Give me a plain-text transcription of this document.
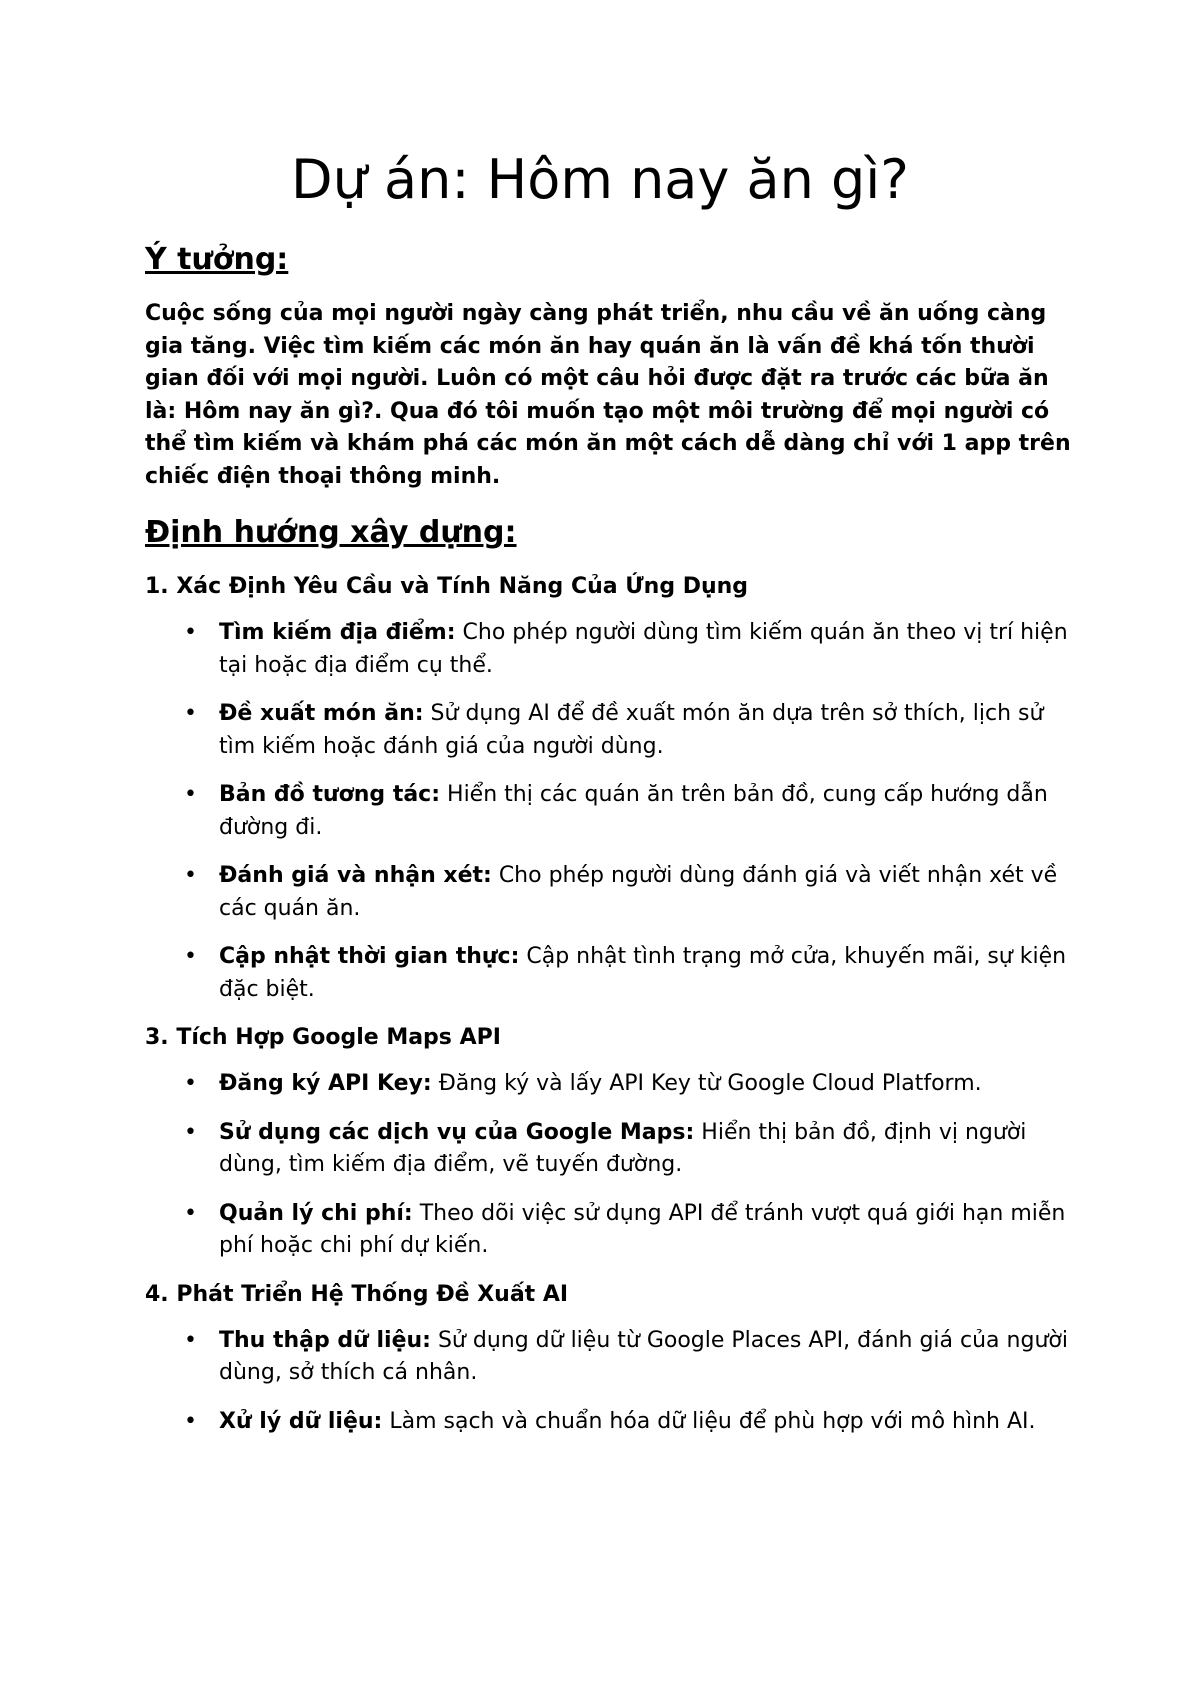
Dự án: Hôm nay ăn gì?
Ý tưởng:

Cuộc sống của mọi người ngày càng phát triển, nhu cầu về ăn uống càng gia tăng. Việc tìm kiếm các món ăn hay quán ăn là vấn đề khá tốn thười gian đối với mọi người. Luôn có một câu hỏi được đặt ra trước các bữa ăn là: Hôm nay ăn gì?. Qua đó tôi muốn tạo một môi trường để mọi người có thể tìm kiếm và khám phá các món ăn một cách dễ dàng chỉ với 1 app trên chiếc điện thoại thông minh.

Định hướng xây dựng:
1. Xác Định Yêu Cầu và Tính Năng Của Ứng Dụng
• Tìm kiếm địa điểm: Cho phép người dùng tìm kiếm quán ăn theo vị trí hiện tại hoặc địa điểm cụ thể.
• Đề xuất món ăn: Sử dụng AI để đề xuất món ăn dựa trên sở thích, lịch sử tìm kiếm hoặc đánh giá của người dùng.
• Bản đồ tương tác: Hiển thị các quán ăn trên bản đồ, cung cấp hướng dẫn đường đi.
• Đánh giá và nhận xét: Cho phép người dùng đánh giá và viết nhận xét về các quán ăn.
• Cập nhật thời gian thực: Cập nhật tình trạng mở cửa, khuyến mãi, sự kiện đặc biệt.
3. Tích Hợp Google Maps API
• Đăng ký API Key: Đăng ký và lấy API Key từ Google Cloud Platform.
• Sử dụng các dịch vụ của Google Maps: Hiển thị bản đồ, định vị người dùng, tìm kiếm địa điểm, vẽ tuyến đường.
• Quản lý chi phí: Theo dõi việc sử dụng API để tránh vượt quá giới hạn miễn phí hoặc chi phí dự kiến.
4. Phát Triển Hệ Thống Đề Xuất AI
• Thu thập dữ liệu: Sử dụng dữ liệu từ Google Places API, đánh giá của người dùng, sở thích cá nhân.
• Xử lý dữ liệu: Làm sạch và chuẩn hóa dữ liệu để phù hợp với mô hình AI.
